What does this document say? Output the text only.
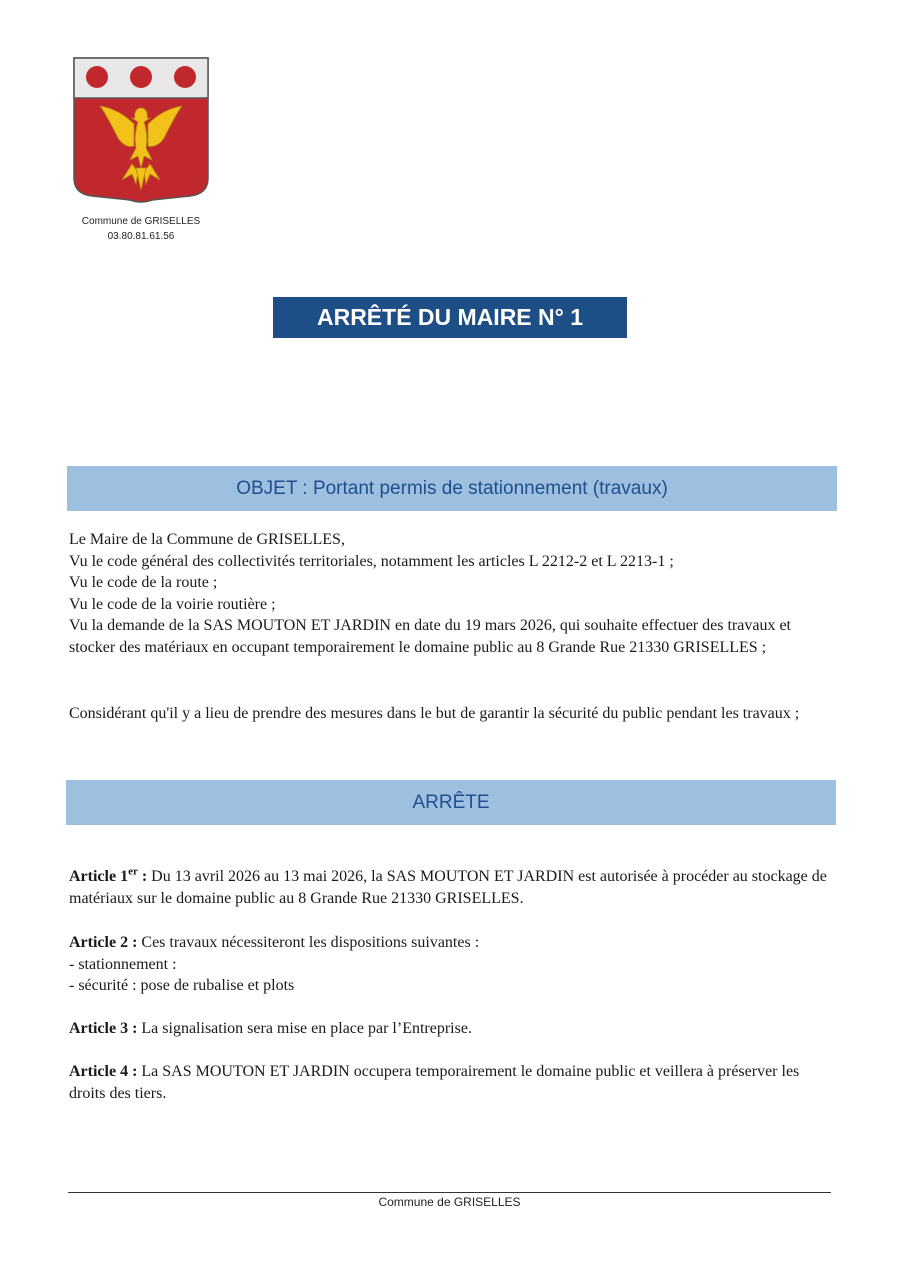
Commune de GRISELLES
03.80.81.61.56
ARRÊTÉ DU MAIRE N° 1
OBJET : Portant permis de stationnement (travaux)

Le Maire de la Commune de GRISELLES,

Vu le code général des collectivités territoriales, notamment les articles L 2212-2 et L 2213-1 ;

Vu le code de la route ;

Vu le code de la voirie routière ;

Vu la demande de la SAS MOUTON ET JARDIN en date du 19 mars 2026, qui souhaite effectuer des travaux et stocker des matériaux en occupant temporairement le domaine public au 8 Grande Rue 21330 GRISELLES ;

Considérant qu'il y a lieu de prendre des mesures dans le but de garantir la sécurité du public pendant les travaux ;

ARRÊTE

Article 1er : Du 13 avril 2026 au 13 mai 2026, la SAS MOUTON ET JARDIN est autorisée à procéder au stockage de matériaux sur le domaine public au 8 Grande Rue 21330 GRISELLES.

Article 2 : Ces travaux nécessiteront les dispositions suivantes :

- stationnement :

- sécurité : pose de rubalise et plots

Article 3 : La signalisation sera mise en place par l’Entreprise.

Article 4 : La SAS MOUTON ET JARDIN occupera temporairement le domaine public et veillera à préserver les droits des tiers.

Commune de GRISELLES
